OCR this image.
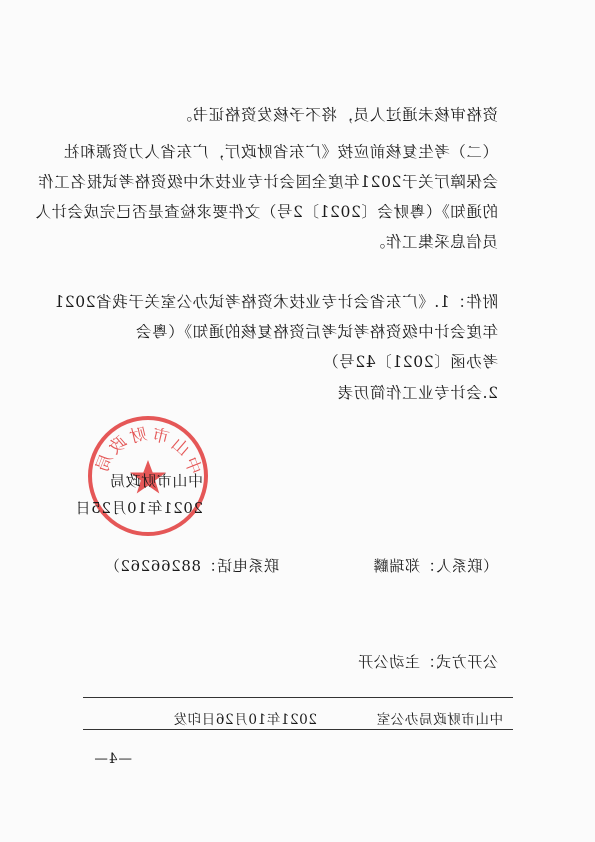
资格审核未通过人员，将不予核发资格证书。
（二）考生复核前应按《广东省财政厅，广东省人力资源和社
会保障厅关于2021年度全国会计专业技术中级资格考试报名工作
的通知》（粤财会〔2021〕2号）文件要求检查是否已完成会计人
员信息采集工作。
附件：1.《广东省会计专业技术资格考试办公室关于我省2021
年度会计中级资格考试考后资格复核的通知》（粤会
考办函〔2021〕42号）
2.会计专业工作简历表
中山市财政局
中山市财政局
2021年10月25日
（联系人：郑瑞麟
联系电话：88266262）
公开方式：主动公开
中山市财政局办公室
2021年10月26日印发
—4—
